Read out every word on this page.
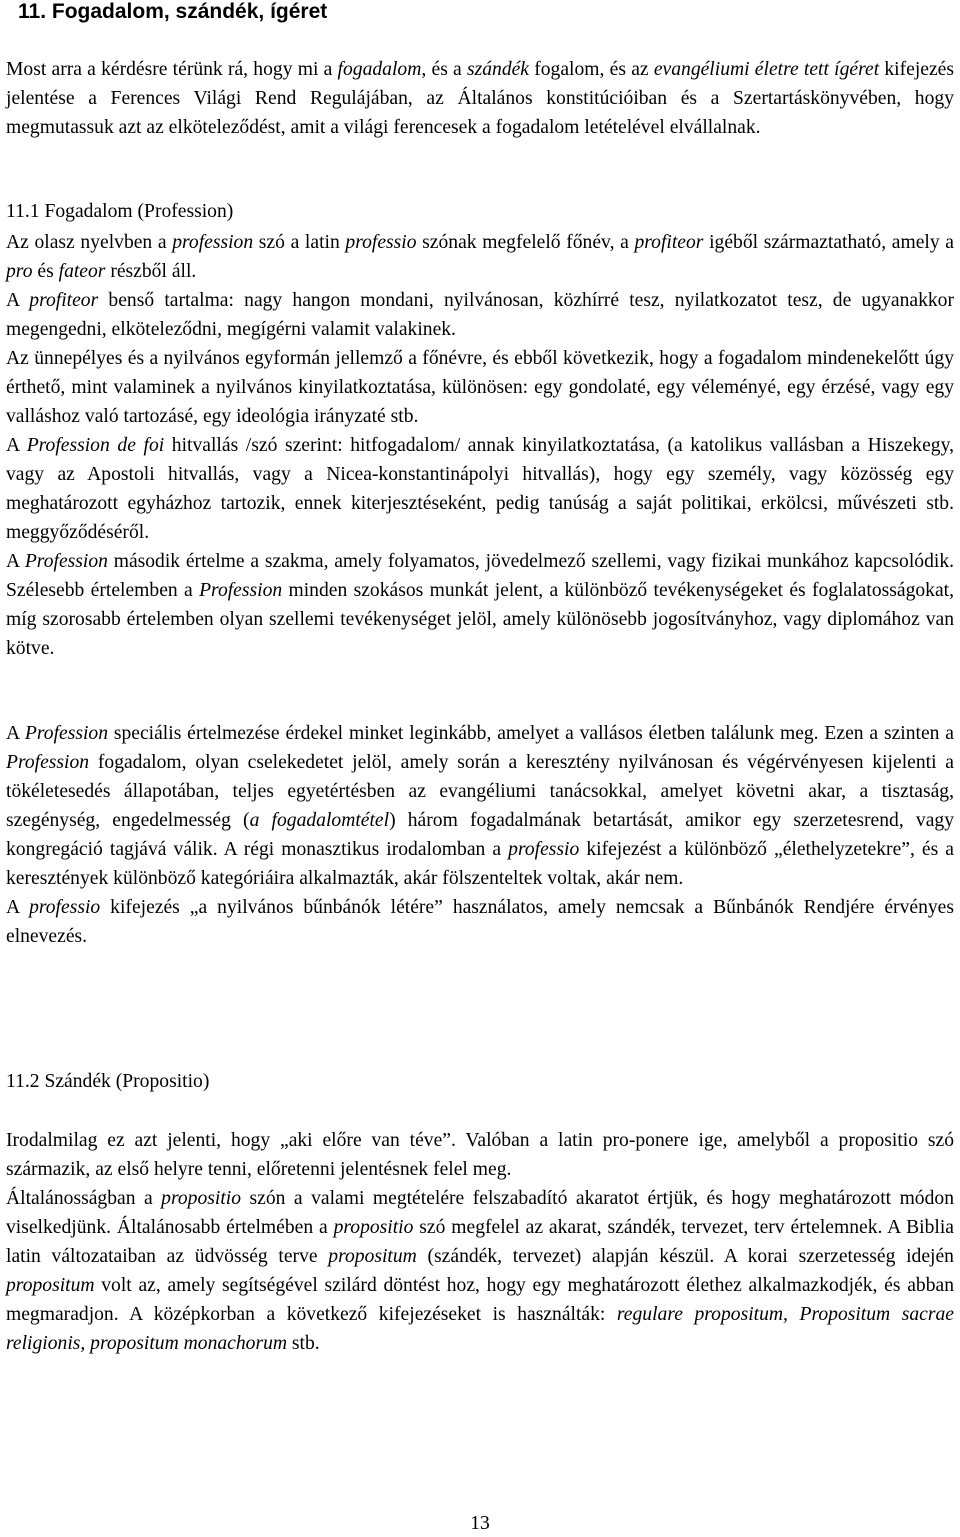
11. Fogadalom, szándék, ígéret
Most arra a kérdésre térünk rá, hogy mi a fogadalom, és a szándék fogalom, és az evangéliumi életre tett ígéret kifejezés jelentése a Ferences Világi Rend Regulájában, az Általános konstitúcióiban és a Szertartáskönyvében, hogy megmutassuk azt az elköteleződést, amit a világi ferencesek a fogadalom letételével elvállalnak.
11.1 Fogadalom (Profession)
Az olasz nyelvben a profession szó a latin professio szónak megfelelő főnév, a profiteor igéből származtatható, amely a pro és fateor részből áll.
A profiteor benső tartalma: nagy hangon mondani, nyilvánosan, közhírré tesz, nyilatkozatot tesz, de ugyanakkor megengedni, elköteleződni, megígérni valamit valakinek.
Az ünnepélyes és a nyilvános egyformán jellemző a főnévre, és ebből következik, hogy a fogadalom mindenekelőtt úgy érthető, mint valaminek a nyilvános kinyilatkoztatása, különösen: egy gondolaté, egy véleményé, egy érzésé, vagy egy valláshoz való tartozásé, egy ideológia irányzaté stb.
A Profession de foi hitvallás /szó szerint: hitfogadalom/ annak kinyilatkoztatása, (a katolikus vallásban a Hiszekegy, vagy az Apostoli hitvallás, vagy a Nicea-konstantinápolyi hitvallás), hogy egy személy, vagy közösség egy meghatározott egyházhoz tartozik, ennek kiterjesztéseként, pedig tanúság a saját politikai, erkölcsi, művészeti stb. meggyőződéséről.
A Profession második értelme a szakma, amely folyamatos, jövedelmező szellemi, vagy fizikai munkához kapcsolódik. Szélesebb értelemben a Profession minden szokásos munkát jelent, a különböző tevékenységeket és foglalatosságokat, míg szorosabb értelemben olyan szellemi tevékenységet jelöl, amely különösebb jogosítványhoz, vagy diplomához van kötve.
A Profession speciális értelmezése érdekel minket leginkább, amelyet a vallásos életben találunk meg. Ezen a szinten a Profession fogadalom, olyan cselekedetet jelöl, amely során a keresztény nyilvánosan és végérvényesen kijelenti a tökéletesedés állapotában, teljes egyetértésben az evangéliumi tanácsokkal, amelyet követni akar, a tisztaság, szegénység, engedelmesség (a fogadalomtétel) három fogadalmának betartását, amikor egy szerzetesrend, vagy kongregáció tagjává válik. A régi monasztikus irodalomban a professio kifejezést a különböző „élethelyzetekre”, és a keresztények különböző kategóriáira alkalmazták, akár fölszenteltek voltak, akár nem.
A professio kifejezés „a nyilvános bűnbánók létére” használatos, amely nemcsak a Bűnbánók Rendjére érvényes elnevezés.
11.2 Szándék (Propositio)
Irodalmilag ez azt jelenti, hogy „aki előre van téve”. Valóban a latin pro-ponere ige, amelyből a propositio szó származik, az első helyre tenni, előretenni jelentésnek felel meg.
Általánosságban a propositio szón a valami megtételére felszabadító akaratot értjük, és hogy meghatározott módon viselkedjünk. Általánosabb értelmében a propositio szó megfelel az akarat, szándék, tervezet, terv értelemnek. A Biblia latin változataiban az üdvösség terve propositum (szándék, tervezet) alapján készül. A korai szerzetesség idején propositum volt az, amely segítségével szilárd döntést hoz, hogy egy meghatározott élethez alkalmazkodjék, és abban megmaradjon. A középkorban a következő kifejezéseket is használták: regulare propositum, Propositum sacrae religionis, propositum monachorum stb.
13
